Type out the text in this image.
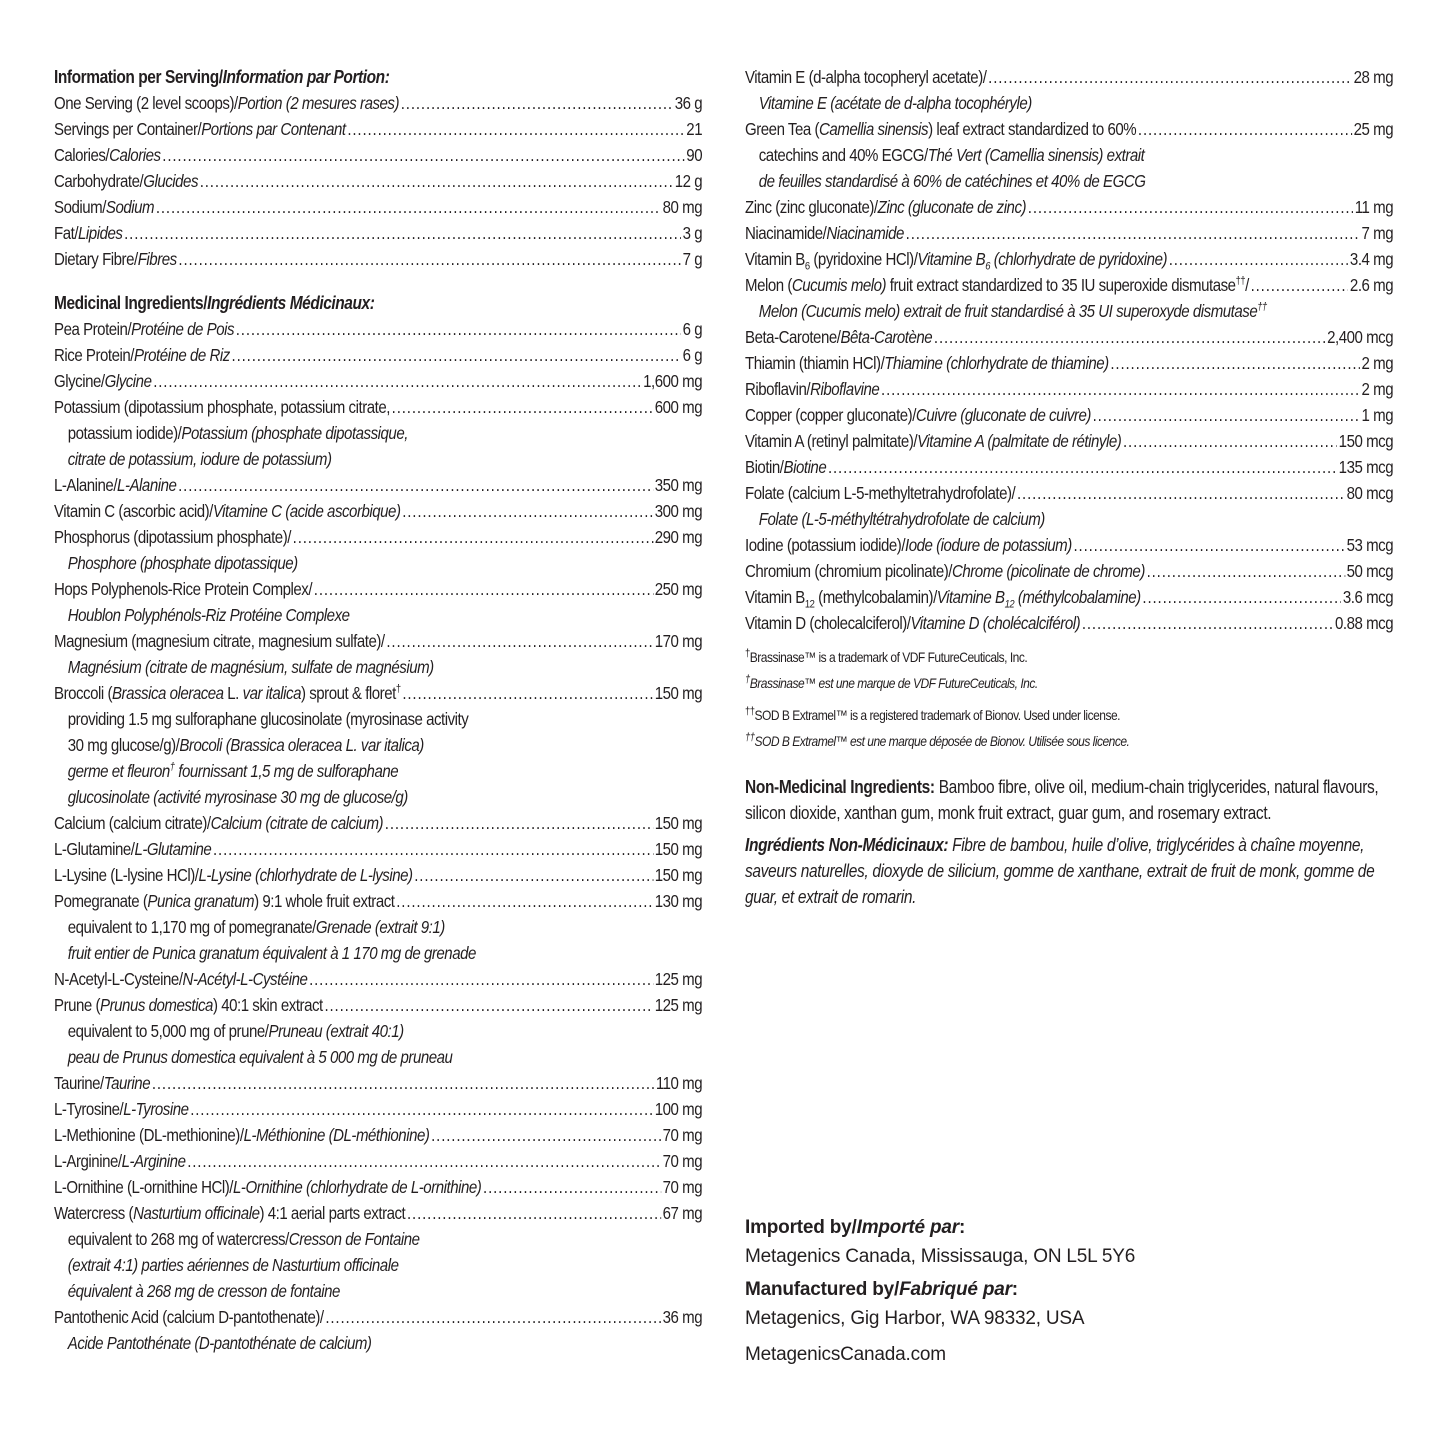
Information per Serving/Information par Portion:
One Serving (2 level scoops)/Portion (2 mesures rases) .....	36 g
Servings per Container/Portions par Contenant .....	21
Calories/Calories .....	90
Carbohydrate/Glucides .....	12 g
Sodium/Sodium .....	80 mg
Fat/Lipides .....	3 g
Dietary Fibre/Fibres .....	7 g
Medicinal Ingredients/Ingrédients Médicinaux:
Pea Protein/Protéine de Pois .....	6 g
Rice Protein/Protéine de Riz .....	6 g
Glycine/Glycine .....	1,600 mg
Potassium (dipotassium phosphate, potassium citrate, .....	600 mg
potassium iodide)/Potassium (phosphate dipotassique,
citrate de potassium, iodure de potassium)
L-Alanine/L-Alanine .....	350 mg
Vitamin C (ascorbic acid)/Vitamine C (acide ascorbique) .....	300 mg
Phosphorus (dipotassium phosphate)/ .....	290 mg
Phosphore (phosphate dipotassique)
Hops Polyphenols-Rice Protein Complex/ .....	250 mg
Houblon Polyphénols-Riz Protéine Complexe
Magnesium (magnesium citrate, magnesium sulfate)/ .....	170 mg
Magnésium (citrate de magnésium, sulfate de magnésium)
Broccoli (Brassica oleracea L. var italica) sprout & floret† .....	150 mg
providing 1.5 mg sulforaphane glucosinolate (myrosinase activity
30 mg glucose/g)/Brocoli (Brassica oleracea L. var italica)
germe et fleuron† fournissant 1,5 mg de sulforaphane
glucosinolate (activité myrosinase 30 mg de glucose/g)
Calcium (calcium citrate)/Calcium (citrate de calcium) .....	150 mg
L-Glutamine/L-Glutamine .....	150 mg
L-Lysine (L-lysine HCl)/L-Lysine (chlorhydrate de L-lysine) .....	150 mg
Pomegranate (Punica granatum) 9:1 whole fruit extract .....	130 mg
equivalent to 1,170 mg of pomegranate/Grenade (extrait 9:1)
fruit entier de Punica granatum équivalent à 1 170 mg de grenade
N-Acetyl-L-Cysteine/N-Acétyl-L-Cystéine .....	125 mg
Prune (Prunus domestica) 40:1 skin extract .....	125 mg
equivalent to 5,000 mg of prune/Pruneau (extrait 40:1)
peau de Prunus domestica equivalent à 5 000 mg de pruneau
Taurine/Taurine .....	110 mg
L-Tyrosine/L-Tyrosine .....	100 mg
L-Methionine (DL-methionine)/L-Méthionine (DL-méthionine) .....	70 mg
L-Arginine/L-Arginine .....	70 mg
L-Ornithine (L-ornithine HCl)/L-Ornithine (chlorhydrate de L-ornithine) .....	70 mg
Watercress (Nasturtium officinale) 4:1 aerial parts extract .....	67 mg
equivalent to 268 mg of watercress/Cresson de Fontaine
(extrait 4:1) parties aériennes de Nasturtium officinale
équivalent à 268 mg de cresson de fontaine
Pantothenic Acid (calcium D-pantothenate)/ .....	36 mg
Acide Pantothénate (D-pantothénate de calcium)
Vitamin E (d-alpha tocopheryl acetate)/ .....	28 mg
Vitamine E (acétate de d-alpha tocophéryle)
Green Tea (Camellia sinensis) leaf extract standardized to 60% .....	25 mg
catechins and 40% EGCG/Thé Vert (Camellia sinensis) extrait
de feuilles standardisé à 60% de catéchines et 40% de EGCG
Zinc (zinc gluconate)/Zinc (gluconate de zinc) .....	11 mg
Niacinamide/Niacinamide .....	7 mg
Vitamin $B_6$ (pyridoxine HCl)/Vitamine $B_6$ (chlorhydrate de pyridoxine) .....	3.4 mg
Melon (Cucumis melo) fruit extract standardized to 35 IU superoxide dismutase††/ .....	2.6 mg
Melon (Cucumis melo) extrait de fruit standardisé à 35 UI superoxyde dismutase††
Beta-Carotene/Bêta-Carotène .....	2,400 mcg
Thiamin (thiamin HCl)/Thiamine (chlorhydrate de thiamine) .....	2 mg
Riboflavin/Riboflavine .....	2 mg
Copper (copper gluconate)/Cuivre (gluconate de cuivre) .....	1 mg
Vitamin A (retinyl palmitate)/Vitamine A (palmitate de rétinyle) .....	150 mcg
Biotin/Biotine .....	135 mcg
Folate (calcium L-5-methyltetrahydrofolate)/ .....	80 mcg
Folate (L-5-méthyltétrahydrofolate de calcium)
Iodine (potassium iodide)/Iode (iodure de potassium) .....	53 mcg
Chromium (chromium picolinate)/Chrome (picolinate de chrome) .....	50 mcg
Vitamin $B_{12}$ (methylcobalamin)/Vitamine $B_{12}$ (méthylcobalamine) .....	3.6 mcg
Vitamin D (cholecalciferol)/Vitamine D (cholécalciférol) .....	0.88 mcg
†Brassinase™ is a trademark of VDF FutureCeuticals, Inc.
†Brassinase™ est une marque de VDF FutureCeuticals, Inc.
††SOD B Extramel™ is a registered trademark of Bionov. Used under license.
††SOD B Extramel™ est une marque déposée de Bionov. Utilisée sous licence.

Non-Medicinal Ingredients: Bamboo fibre, olive oil, medium-chain triglycerides, natural flavours, silicon dioxide, xanthan gum, monk fruit extract, guar gum, and rosemary extract.

Ingrédients Non-Médicinaux: Fibre de bambou, huile d’olive, triglycérides à chaîne moyenne, saveurs naturelles, dioxyde de silicium, gomme de xanthane, extrait de fruit de monk, gomme de guar, et extrait de romarin.

Imported by/Importé par:
Metagenics Canada, Mississauga, ON L5L 5Y6
Manufactured by/Fabriqué par:
Metagenics, Gig Harbor, WA 98332, USA
MetagenicsCanada.com
